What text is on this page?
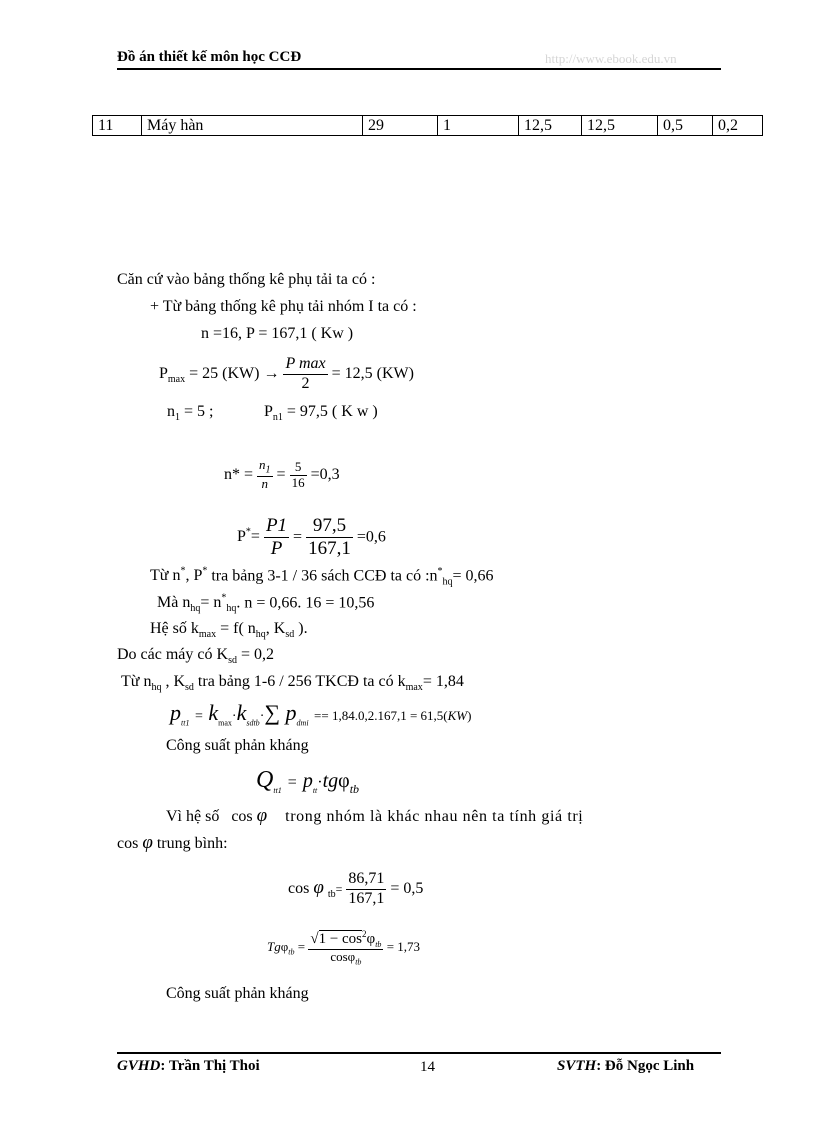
Đồ án thiết kế môn học CCĐ	http://www.ebook.edu.vn
11	Máy hàn	29	1	12,5	12,5	0,5	0,2
Căn cứ vào bảng thống kê phụ tải ta có :
+ Từ bảng thống kê phụ tải nhóm I ta có :
n =16, P = 167,1 ( Kw )
$P_{max} = 25$ $(KW) \to \frac{\text{P max}}{2} = 12,5$ (KW)
$n_1 = 5$ ;	$P_{n1} = 97,5$ ( K w )
$n* = \frac{n_1}{n} = \frac{5}{16} =0,3$
$P^*= \frac{P1}{P} = \frac{97,5}{167,1} =0,6$
Từ n*, P* tra bảng 3-1 / 36 sách CCĐ ta có $:n^*_{hq}= 0,66$
Mà $n_{hq}= n^*_{hq}$. n = 0,66. 16 = 10,56
Hệ số $k_{max} = f$( $n_{hq}$, $K_{sd}$ ).
Do các máy có $K_{sd} = 0,2$
Từ $n_{hq}$ , $K_{sd}$ tra bảng 1-6 / 256 TKCĐ ta có $k_{max}= 1,84$
$p_{tt1} = k_{max}\cdot k_{sdtb}\cdot\sum$ $p_{dmi} == 1,84.0,2.167,1 = 61,5(KW)$
Công suất phản kháng
$Q_{tt1} = p_{tt}\cdot tg\varphi_{tb}$
Vì hệ số cos φ trong nhóm là khác nhau nên ta tính giá trị
cos φ trung bình:
cos φ $_{tb}= \frac{86,71}{167,1} = 0,5$
$Tg\varphi_{tb} = \frac{√1 - \cos^2\varphi_{tb}}{\cos\varphi_{tb}} = 1,73$
Công suất phản kháng
GVHD: Trần Thị Thoi	14	SVTH: Đỗ Ngọc Linh
